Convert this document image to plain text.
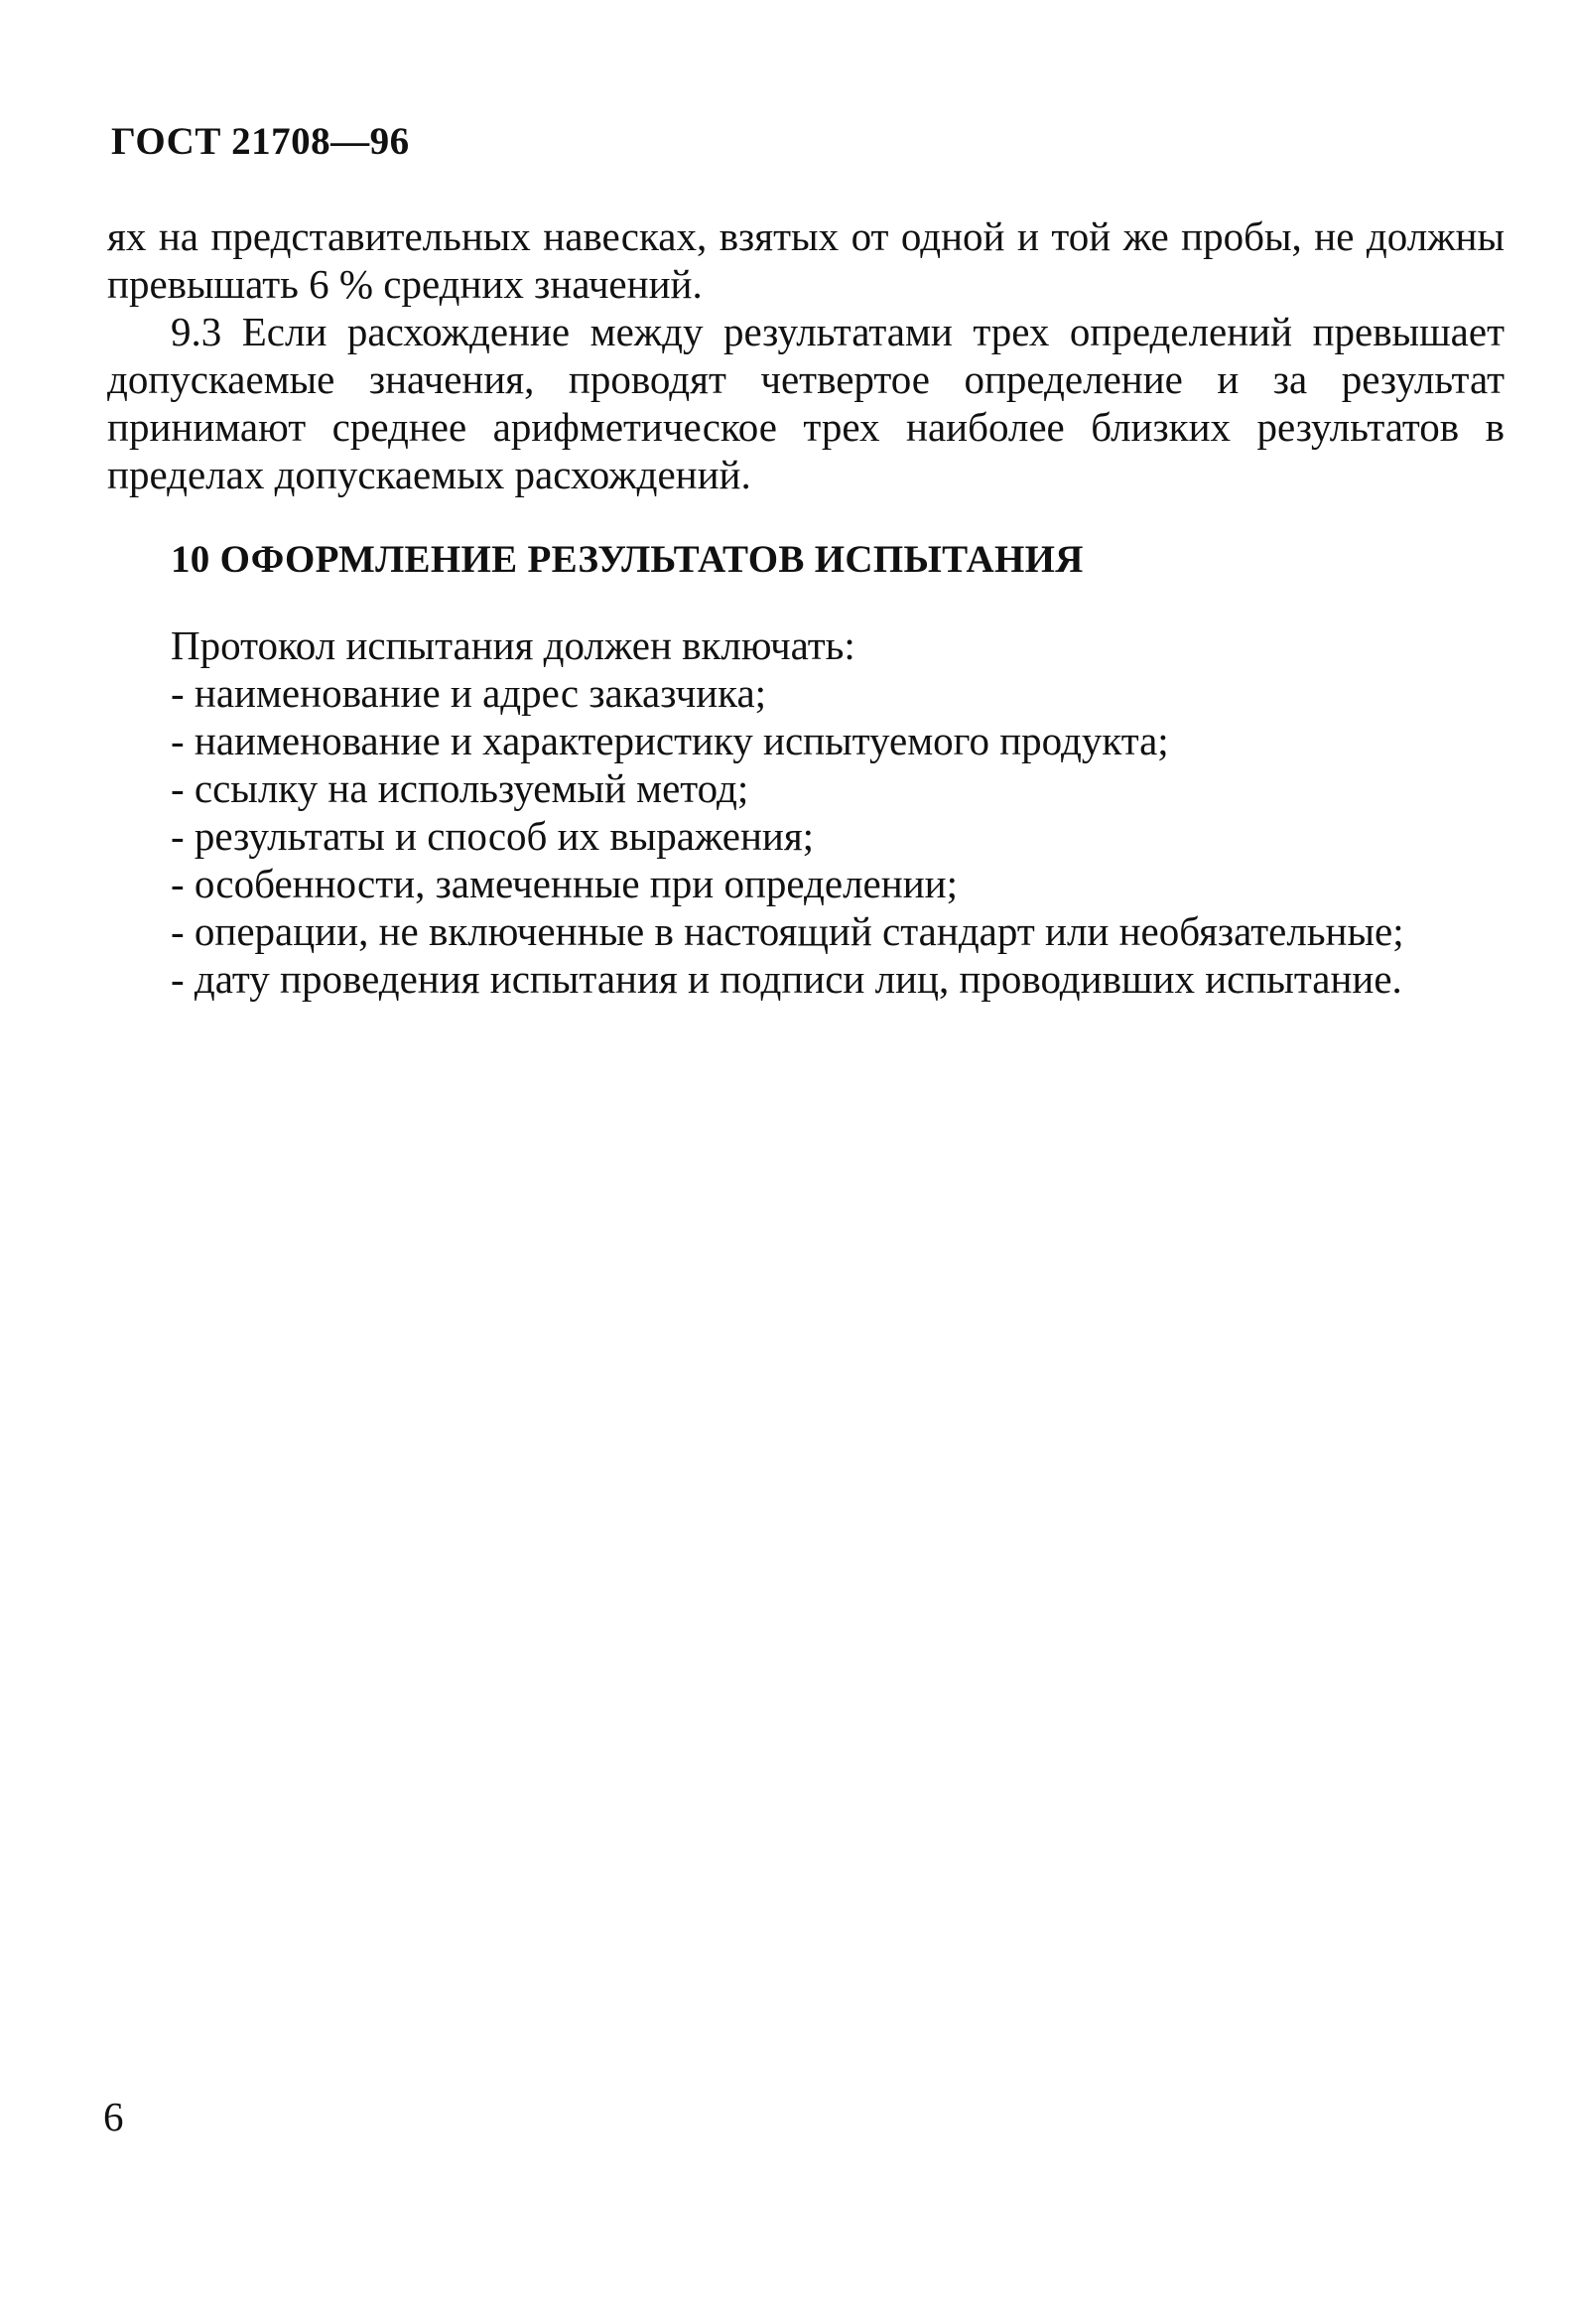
ГОСТ 21708—96

ях на представительных навесках, взятых от одной и той же пробы, не должны превышать 6 % средних значений.

9.3 Если расхождение между результатами трех определений превышает допускаемые значения, проводят четвертое определение и за результат принимают среднее арифметическое трех наиболее близких результатов в пределах допускаемых расхождений.

10 ОФОРМЛЕНИЕ РЕЗУЛЬТАТОВ ИСПЫТАНИЯ

Протокол испытания должен включать:

- наименование и адрес заказчика;

- наименование и характеристику испытуемого продукта;

- ссылку на используемый метод;

- результаты и способ их выражения;

- особенности, замеченные при определении;

- операции, не включенные в настоящий стандарт или необязательные;

- дату проведения испытания и подписи лиц, проводивших испытание.

6
